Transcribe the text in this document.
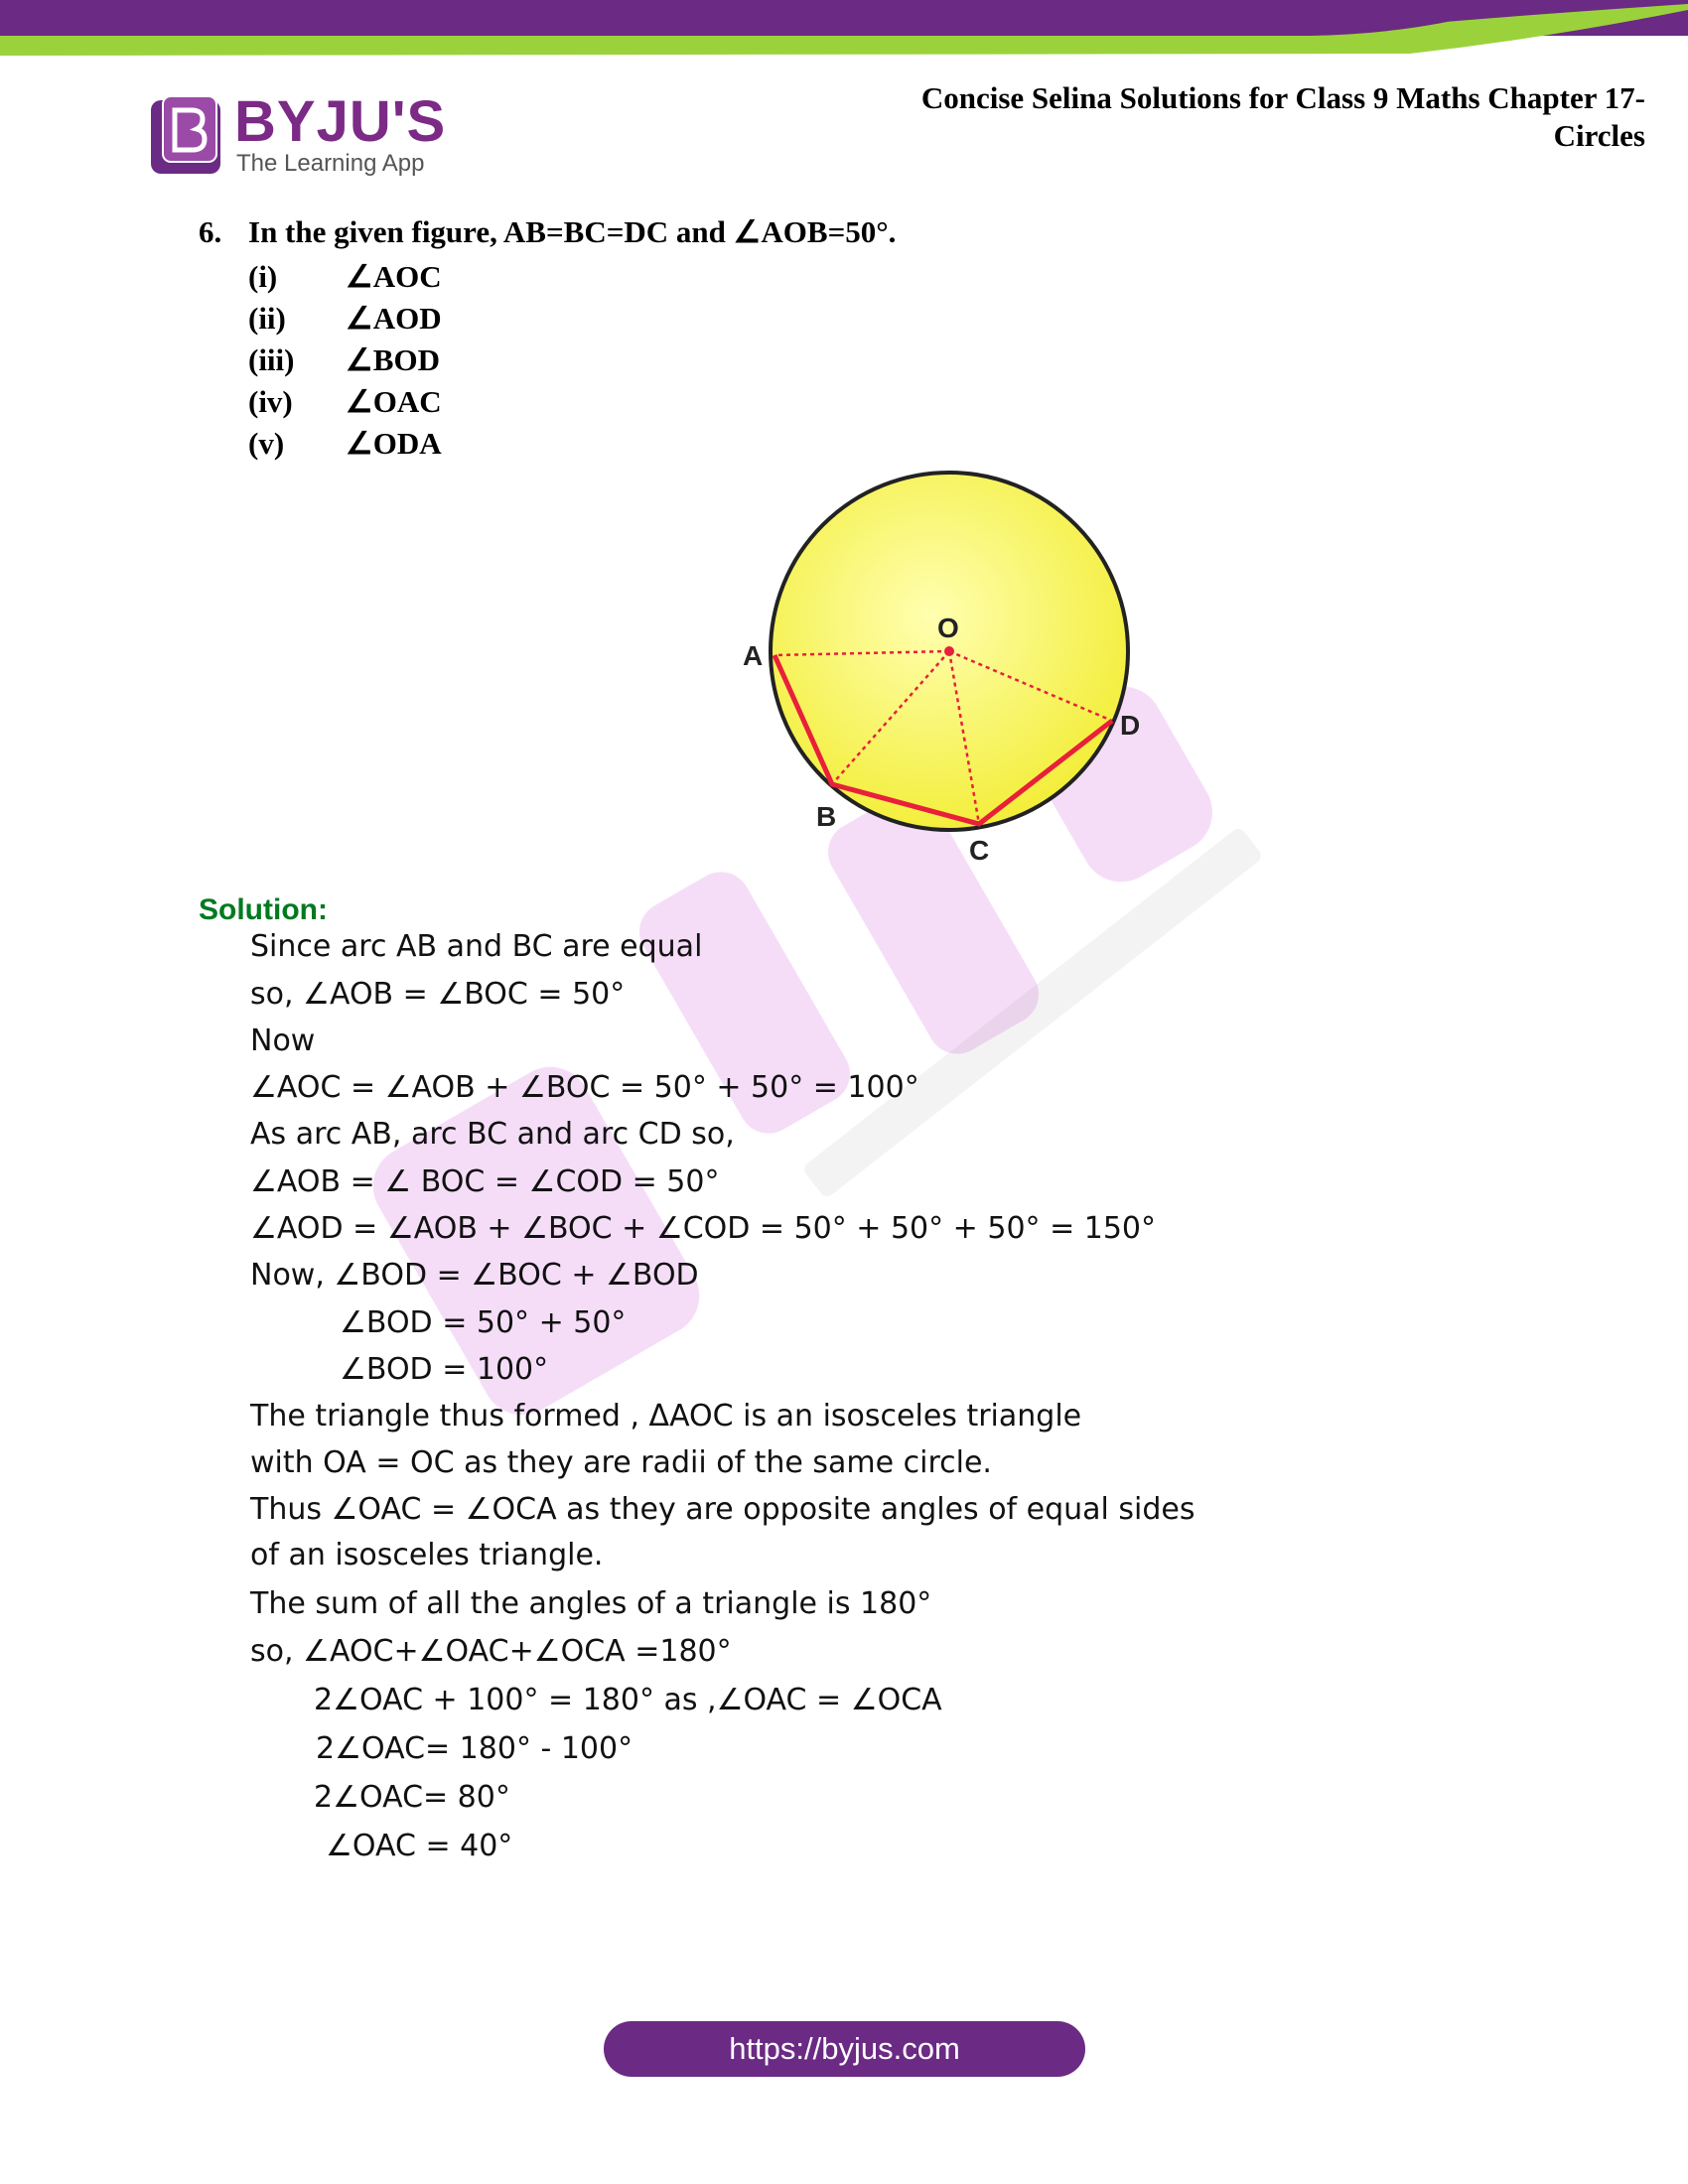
BYJU'S
The Learning App
Concise Selina Solutions for Class 9 Maths Chapter 17-
Circles
6. In the given figure, AB=BC=DC and ∠AOB=50°.
(i) ∠AOC
(ii) ∠AOD
(iii) ∠BOD
(iv) ∠OAC
(v) ∠ODA
O
A
B
C
D
Solution:
Since arc AB and BC are equal
so, ∠AOB = ∠BOC = 50°
Now
∠AOC = ∠AOB + ∠BOC = 50° + 50° = 100°
As arc AB, arc BC and arc CD so,
∠AOB = ∠ BOC = ∠COD = 50°
∠AOD = ∠AOB + ∠BOC + ∠COD = 50° + 50° + 50° = 150°
Now, ∠BOD = ∠BOC + ∠BOD
∠BOD = 50° + 50°
∠BOD = 100°
The triangle thus formed , ΔAOC is an isosceles triangle
with OA = OC as they are radii of the same circle.
Thus ∠OAC = ∠OCA as they are opposite angles of equal sides
of an isosceles triangle.
The sum of all the angles of a triangle is 180°
so, ∠AOC+∠OAC+∠OCA =180°
2∠OAC + 100° = 180° as ,∠OAC = ∠OCA
2∠OAC= 180° - 100°
2∠OAC= 80°
∠OAC = 40°
https://byjus.com
